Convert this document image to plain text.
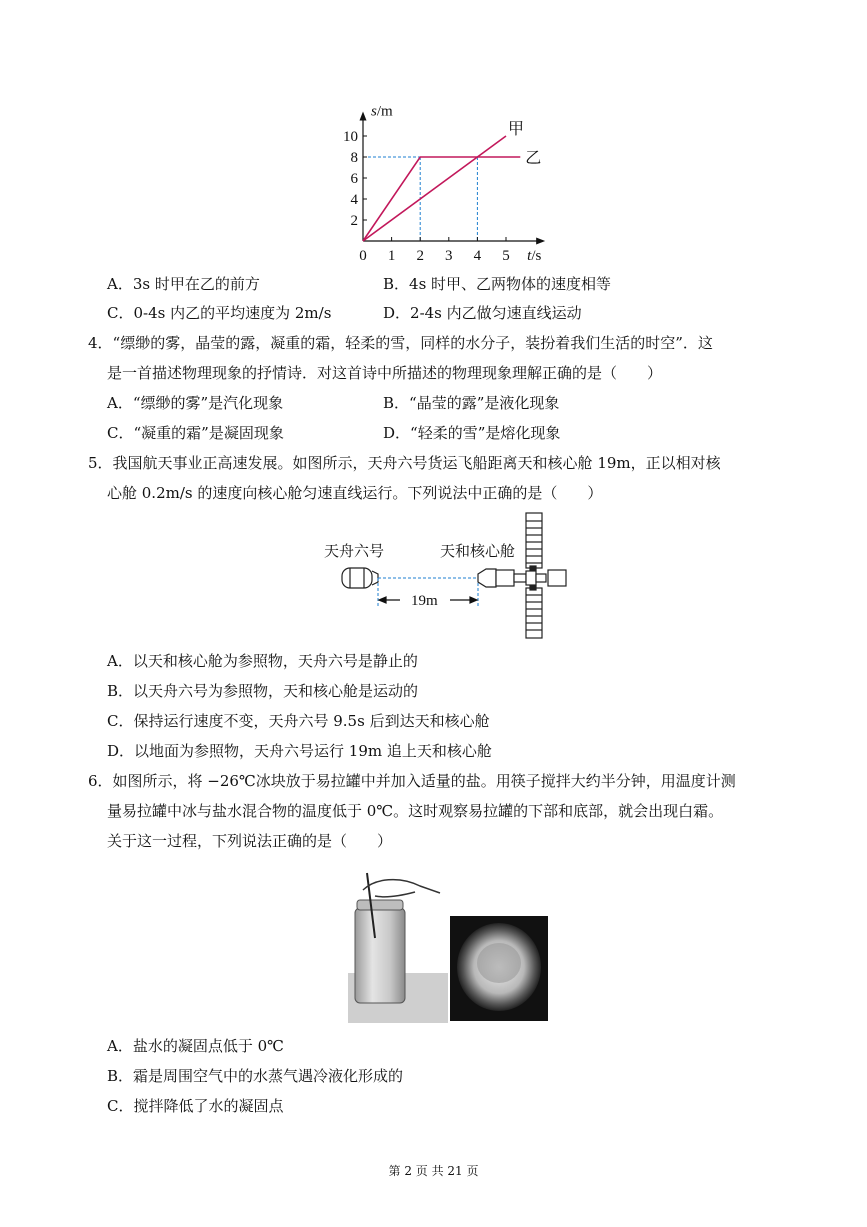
0 1 2 3 4 5
2
4
6
8
10
s/m
t/s
甲
乙
A．3s 时甲在乙的前方	B．4s 时甲、乙两物体的速度相等
C．0-4s 内乙的平均速度为 2m/s	D．2-4s 内乙做匀速直线运动
4．“缥缈的雾，晶莹的露，凝重的霜，轻柔的雪，同样的水分子，装扮着我们生活的时空”．这
是一首描述物理现象的抒情诗．对这首诗中所描述的物理现象理解正确的是（　　）
A．“缥缈的雾”是汽化现象	B．“晶莹的露”是液化现象
C．“凝重的霜”是凝固现象	D．“轻柔的雪”是熔化现象
5．我国航天事业正高速发展。如图所示，天舟六号货运飞船距离天和核心舱 19m，正以相对核
心舱 0.2m/s 的速度向核心舱匀速直线运行。下列说法中正确的是（　　）
天舟六号	天和核心舱
19m
A．以天和核心舱为参照物，天舟六号是静止的
B．以天舟六号为参照物，天和核心舱是运动的
C．保持运行速度不变，天舟六号 9.5s 后到达天和核心舱
D．以地面为参照物，天舟六号运行 19m 追上天和核心舱
6．如图所示，将 −26℃冰块放于易拉罐中并加入适量的盐。用筷子搅拌大约半分钟，用温度计测
量易拉罐中冰与盐水混合物的温度低于 0℃。这时观察易拉罐的下部和底部，就会出现白霜。
关于这一过程，下列说法正确的是（　　）
A．盐水的凝固点低于 0℃
B．霜是周围空气中的水蒸气遇冷液化形成的
C．搅拌降低了水的凝固点
第 2 页 共 21 页
